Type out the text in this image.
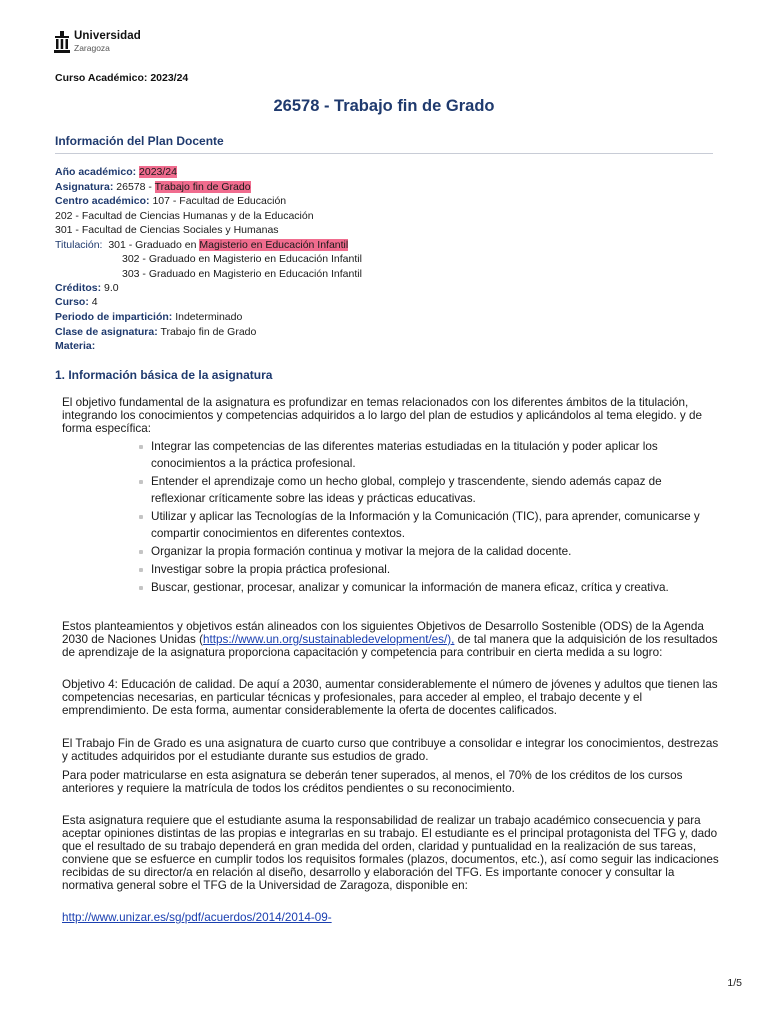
Universidad
Zaragoza
Curso Académico: 2023/24
26578 - Trabajo fin de Grado
Información del Plan Docente
Año académico: 2023/24
Asignatura: 26578 - Trabajo fin de Grado
Centro académico: 107 - Facultad de Educación
202 - Facultad de Ciencias Humanas y de la Educación
301 - Facultad de Ciencias Sociales y Humanas
Titulación: 301 - Graduado en Magisterio en Educación Infantil
302 - Graduado en Magisterio en Educación Infantil
303 - Graduado en Magisterio en Educación Infantil
Créditos: 9.0
Curso: 4
Periodo de impartición: Indeterminado
Clase de asignatura: Trabajo fin de Grado
Materia:
1. Información básica de la asignatura
El objetivo fundamental de la asignatura es profundizar en temas relacionados con los diferentes ámbitos de la titulación, integrando los conocimientos y competencias adquiridos a lo largo del plan de estudios y aplicándolos al tema elegido. y de forma específica:
Integrar las competencias de las diferentes materias estudiadas en la titulación y poder aplicar los conocimientos a la práctica profesional.
Entender el aprendizaje como un hecho global, complejo y trascendente, siendo además capaz de reflexionar críticamente sobre las ideas y prácticas educativas.
Utilizar y aplicar las Tecnologías de la Información y la Comunicación (TIC), para aprender, comunicarse y compartir conocimientos en diferentes contextos.
Organizar la propia formación continua y motivar la mejora de la calidad docente.
Investigar sobre la propia práctica profesional.
Buscar, gestionar, procesar, analizar y comunicar la información de manera eficaz, crítica y creativa.
Estos planteamientos y objetivos están alineados con los siguientes Objetivos de Desarrollo Sostenible (ODS) de la Agenda 2030 de Naciones Unidas (https://www.un.org/sustainabledevelopment/es/), de tal manera que la adquisición de los resultados de aprendizaje de la asignatura proporciona capacitación y competencia para contribuir en cierta medida a su logro:
Objetivo 4: Educación de calidad. De aquí a 2030, aumentar considerablemente el número de jóvenes y adultos que tienen las competencias necesarias, en particular técnicas y profesionales, para acceder al empleo, el trabajo decente y el emprendimiento. De esta forma, aumentar considerablemente la oferta de docentes calificados.
El Trabajo Fin de Grado es una asignatura de cuarto curso que contribuye a consolidar e integrar los conocimientos, destrezas y actitudes adquiridos por el estudiante durante sus estudios de grado.
Para poder matricularse en esta asignatura se deberán tener superados, al menos, el 70% de los créditos de los cursos anteriores y requiere la matrícula de todos los créditos pendientes o su reconocimiento.
Esta asignatura requiere que el estudiante asuma la responsabilidad de realizar un trabajo académico consecuencia y para aceptar opiniones distintas de las propias e integrarlas en su trabajo. El estudiante es el principal protagonista del TFG y, dado que el resultado de su trabajo dependerá en gran medida del orden, claridad y puntualidad en la realización de sus tareas, conviene que se esfuerce en cumplir todos los requisitos formales (plazos, documentos, etc.), así como seguir las indicaciones recibidas de su director/a en relación al diseño, desarrollo y elaboración del TFG. Es importante conocer y consultar la normativa general sobre el TFG de la Universidad de Zaragoza, disponible en:
http://www.unizar.es/sg/pdf/acuerdos/2014/2014-09-
1/5
